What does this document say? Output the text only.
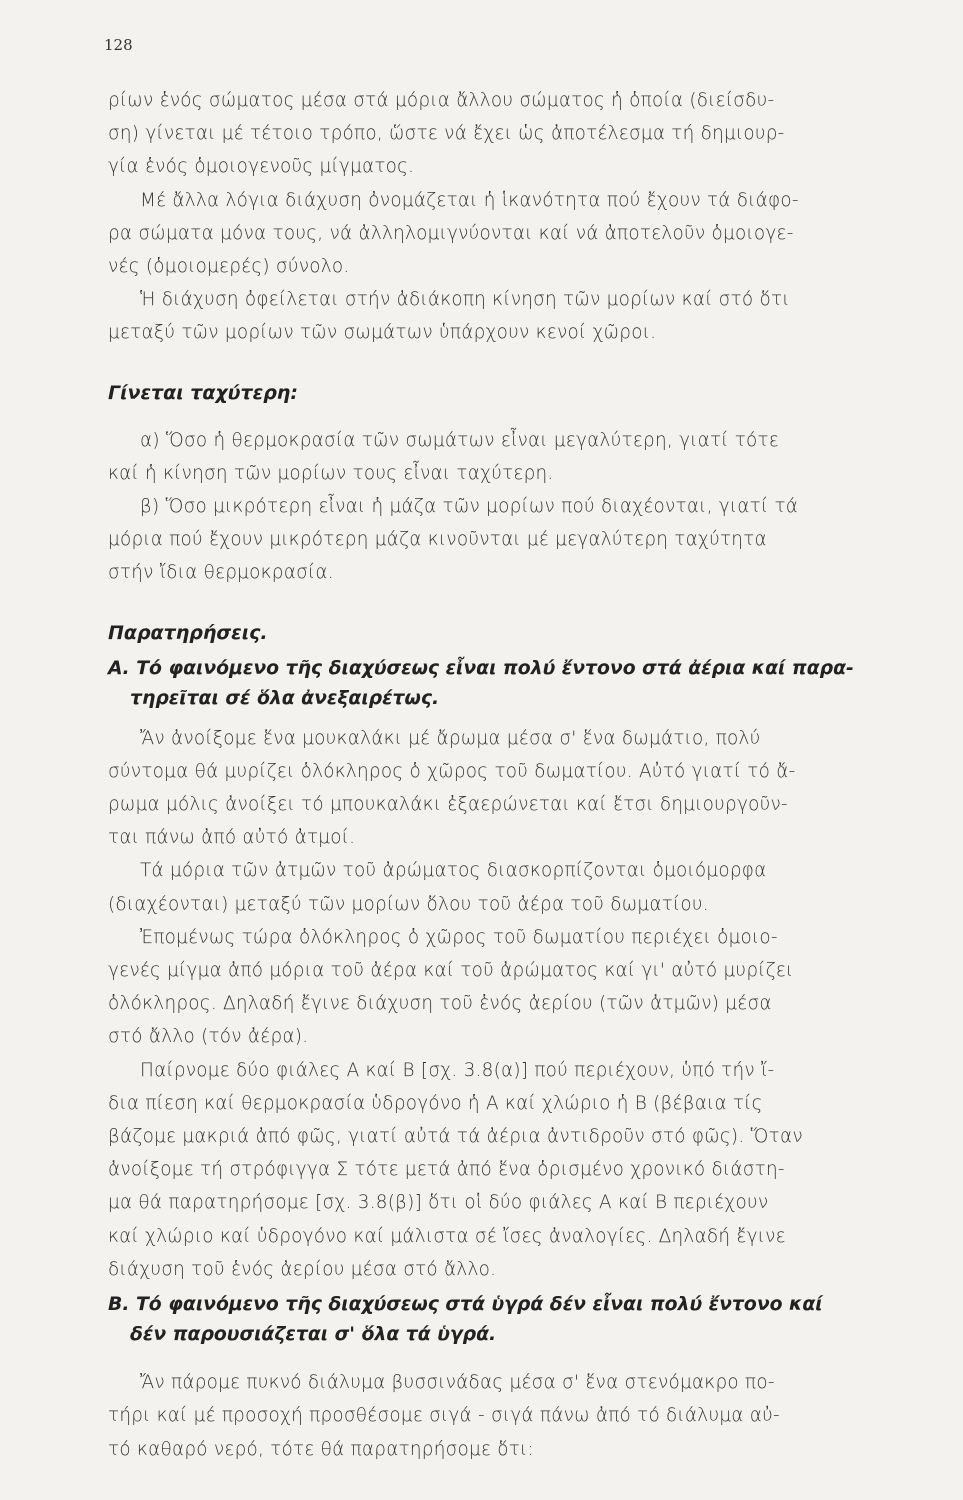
128
ρίων ἑνός σώματος μέσα στά μόρια ἄλλου σώματος ἡ ὁποία (διείσδυ-
ση) γίνεται μέ τέτοιο τρόπο, ὥστε νά ἔχει ὡς ἀποτέλεσμα τή δημιουρ-
γία ἑνός ὁμοιογενοῦς μίγματος.
Μέ ἄλλα λόγια διάχυση ὀνομάζεται ἡ ἱκανότητα πού ἔχουν τά διάφο-
ρα σώματα μόνα τους, νά ἀλληλομιγνύονται καί νά ἀποτελοῦν ὁμοιογε-
νές (ὁμοιομερές) σύνολο.
Ἡ διάχυση ὀφείλεται στήν ἀδιάκοπη κίνηση τῶν μορίων καί στό ὅτι
μεταξύ τῶν μορίων τῶν σωμάτων ὑπάρχουν κενοί χῶροι.
Γίνεται ταχύτερη:
α) Ὅσο ἡ θερμοκρασία τῶν σωμάτων εἶναι μεγαλύτερη, γιατί τότε
καί ἡ κίνηση τῶν μορίων τους εἶναι ταχύτερη.
β) Ὅσο μικρότερη εἶναι ἡ μάζα τῶν μορίων πού διαχέονται, γιατί τά
μόρια πού ἔχουν μικρότερη μάζα κινοῦνται μέ μεγαλύτερη ταχύτητα
στήν ἴδια θερμοκρασία.
Παρατηρήσεις.
Α. Τό φαινόμενο τῆς διαχύσεως εἶναι πολύ ἔντονο στά ἀέρια καί παρα-
τηρεῖται σέ ὅλα ἀνεξαιρέτως.
Ἄν ἀνοίξομε ἕνα μουκαλάκι μέ ἄρωμα μέσα σ' ἕνα δωμάτιο, πολύ
σύντομα θά μυρίζει ὁλόκληρος ὁ χῶρος τοῦ δωματίου. Αὐτό γιατί τό ἄ-
ρωμα μόλις ἀνοίξει τό μπουκαλάκι ἐξαερώνεται καί ἔτσι δημιουργοῦν-
ται πάνω ἀπό αὐτό ἀτμοί.
Τά μόρια τῶν ἀτμῶν τοῦ ἀρώματος διασκορπίζονται ὁμοιόμορφα
(διαχέονται) μεταξύ τῶν μορίων ὅλου τοῦ ἀέρα τοῦ δωματίου.
Ἐπομένως τώρα ὁλόκληρος ὁ χῶρος τοῦ δωματίου περιέχει ὁμοιο-
γενές μίγμα ἀπό μόρια τοῦ ἀέρα καί τοῦ ἀρώματος καί γι' αὐτό μυρίζει
ὁλόκληρος. Δηλαδή ἔγινε διάχυση τοῦ ἑνός ἀερίου (τῶν ἀτμῶν) μέσα
στό ἄλλο (τόν ἀέρα).
Παίρνομε δύο φιάλες Α καί Β [σχ. 3.8(α)] πού περιέχουν, ὑπό τήν ἴ-
δια πίεση καί θερμοκρασία ὑδρογόνο ἡ Α καί χλώριο ἡ Β (βέβαια τίς
βάζομε μακριά ἀπό φῶς, γιατί αὐτά τά ἀέρια ἀντιδροῦν στό φῶς). Ὅταν
ἀνοίξομε τή στρόφιγγα Σ τότε μετά ἀπό ἕνα ὁρισμένο χρονικό διάστη-
μα θά παρατηρήσομε [σχ. 3.8(β)] ὅτι οἱ δύο φιάλες Α καί Β περιέχουν
καί χλώριο καί ὑδρογόνο καί μάλιστα σέ ἴσες ἀναλογίες. Δηλαδή ἔγινε
διάχυση τοῦ ἑνός ἀερίου μέσα στό ἄλλο.
Β. Τό φαινόμενο τῆς διαχύσεως στά ὑγρά δέν εἶναι πολύ ἔντονο καί
δέν παρουσιάζεται σ' ὅλα τά ὑγρά.
Ἄν πάρομε πυκνό διάλυμα βυσσινάδας μέσα σ' ἕνα στενόμακρο πο-
τήρι καί μέ προσοχή προσθέσομε σιγά - σιγά πάνω ἀπό τό διάλυμα αὐ-
τό καθαρό νερό, τότε θά παρατηρήσομε ὅτι:
